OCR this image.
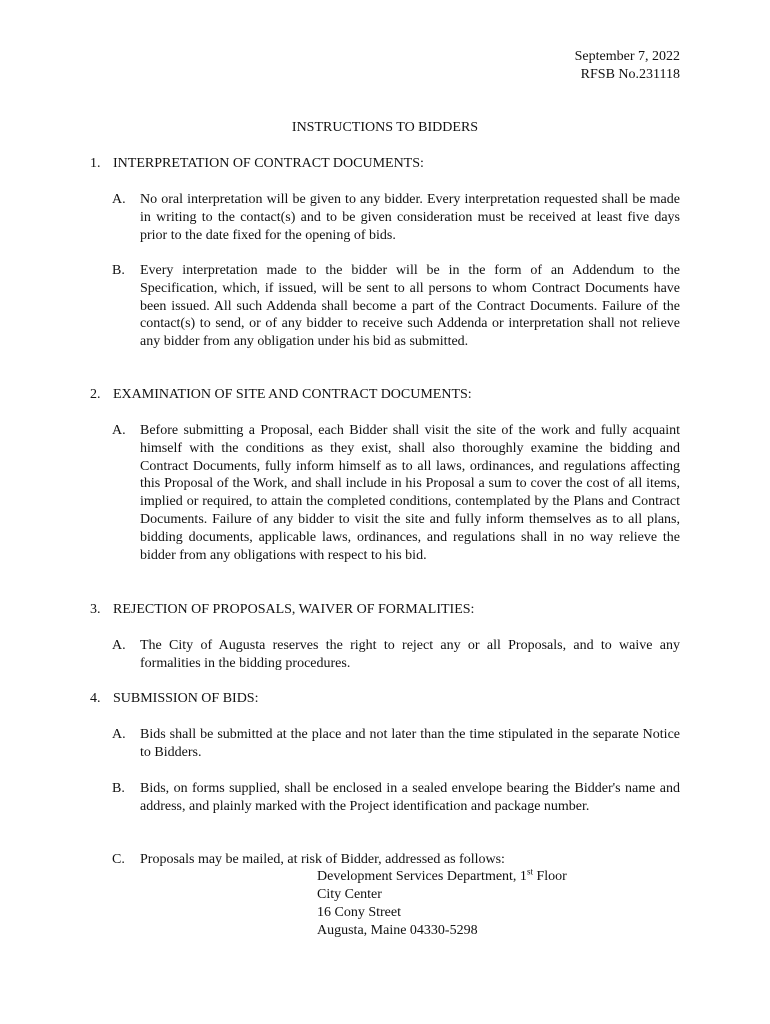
September 7, 2022
RFSB No.231118
INSTRUCTIONS TO BIDDERS
1. INTERPRETATION OF CONTRACT DOCUMENTS:
A.	No oral interpretation will be given to any bidder. Every interpretation requested shall be made in writing to the contact(s) and to be given consideration must be received at least five days prior to the date fixed for the opening of bids.
B.	Every interpretation made to the bidder will be in the form of an Addendum to the Specification, which, if issued, will be sent to all persons to whom Contract Documents have been issued. All such Addenda shall become a part of the Contract Documents. Failure of the contact(s) to send, or of any bidder to receive such Addenda or interpretation shall not relieve any bidder from any obligation under his bid as submitted.
2. EXAMINATION OF SITE AND CONTRACT DOCUMENTS:
A.	Before submitting a Proposal, each Bidder shall visit the site of the work and fully acquaint himself with the conditions as they exist, shall also thoroughly examine the bidding and Contract Documents, fully inform himself as to all laws, ordinances, and regulations affecting this Proposal of the Work, and shall include in his Proposal a sum to cover the cost of all items, implied or required, to attain the completed conditions, contemplated by the Plans and Contract Documents. Failure of any bidder to visit the site and fully inform themselves as to all plans, bidding documents, applicable laws, ordinances, and regulations shall in no way relieve the bidder from any obligations with respect to his bid.
3. REJECTION OF PROPOSALS, WAIVER OF FORMALITIES:
A.	The City of Augusta reserves the right to reject any or all Proposals, and to waive any formalities in the bidding procedures.
4. SUBMISSION OF BIDS:
A.	Bids shall be submitted at the place and not later than the time stipulated in the separate Notice to Bidders.
B.	Bids, on forms supplied, shall be enclosed in a sealed envelope bearing the Bidder's name and address, and plainly marked with the Project identification and package number.
C.	Proposals may be mailed, at risk of Bidder, addressed as follows:
Development Services Department, 1st Floor
City Center
16 Cony Street
Augusta, Maine 04330-5298
